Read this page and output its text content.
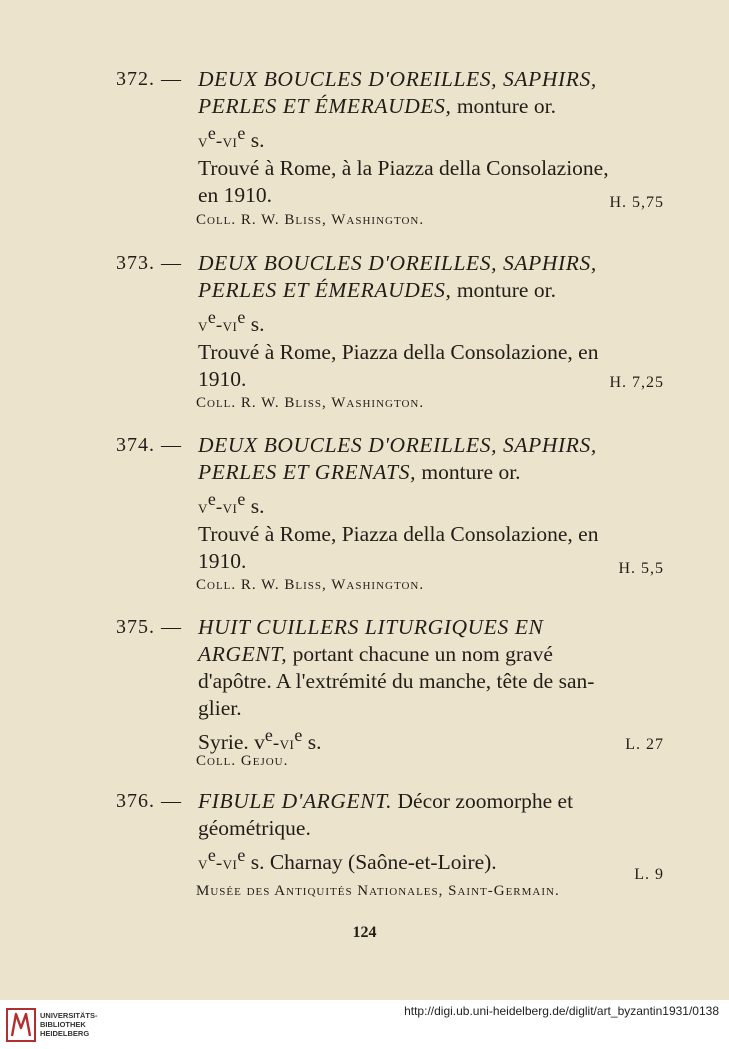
372. — DEUX BOUCLES D'OREILLES, SAPHIRS,
PERLES ET ÉMERAUDES, monture or.
$v^e-vi^e$ s.
Trouvé à Rome, à la Piazza della Consolazione,
en 1910.	H. 5,75
Coll. R. W. Bliss, Washington.
373. — DEUX BOUCLES D'OREILLES, SAPHIRS,
PERLES ET ÉMERAUDES, monture or.
$v^e-vi^e$ s.
Trouvé à Rome, Piazza della Consolazione, en
1910.	H. 7,25
Coll. R. W. Bliss, Washington.
374. — DEUX BOUCLES D'OREILLES, SAPHIRS,
PERLES ET GRENATS, monture or.
$v^e-vi^e$ s.
Trouvé à Rome, Piazza della Consolazione, en
1910.	H. 5,5
Coll. R. W. Bliss, Washington.
375. — HUIT CUILLERS LITURGIQUES EN
ARGENT, portant chacune un nom gravé
d'apôtre. A l'extrémité du manche, tête de san-
glier.
Syrie. $v^e-vi^e$ s.	L. 27
Coll. Gejou.
376. — FIBULE D'ARGENT. Décor zoomorphe et
géométrique.
$v^e-vi^e$ s. Charnay (Saône-et-Loire).
L. 9
Musée des Antiquités Nationales, Saint-Germain.
124
UNIVERSITÄTS-
BIBLIOTHEK
HEIDELBERG
http://digi.ub.uni-heidelberg.de/diglit/art_byzantin1931/0138
